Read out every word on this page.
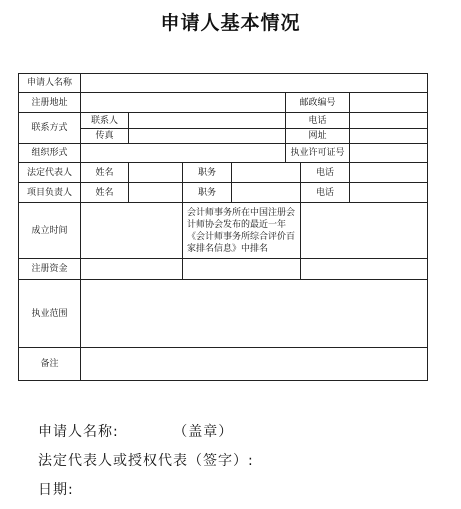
申请人基本情况
申请人名称							
注册地址					邮政编号		
联系方式	联系人				电话		
	传真				网址		
组织形式					执业许可证号		
法定代表人	姓名		职务			电话	
项目负责人	姓名		职务			电话	
成立时间			会计师事务所在中国注册会计师协会发布的最近一年《会计师事务所综合评价百家排名信息》中排名				
注册资金							
执业范围							
备注							
申请人名称:          （盖章）
法定代表人或授权代表（签字）:
日期:
